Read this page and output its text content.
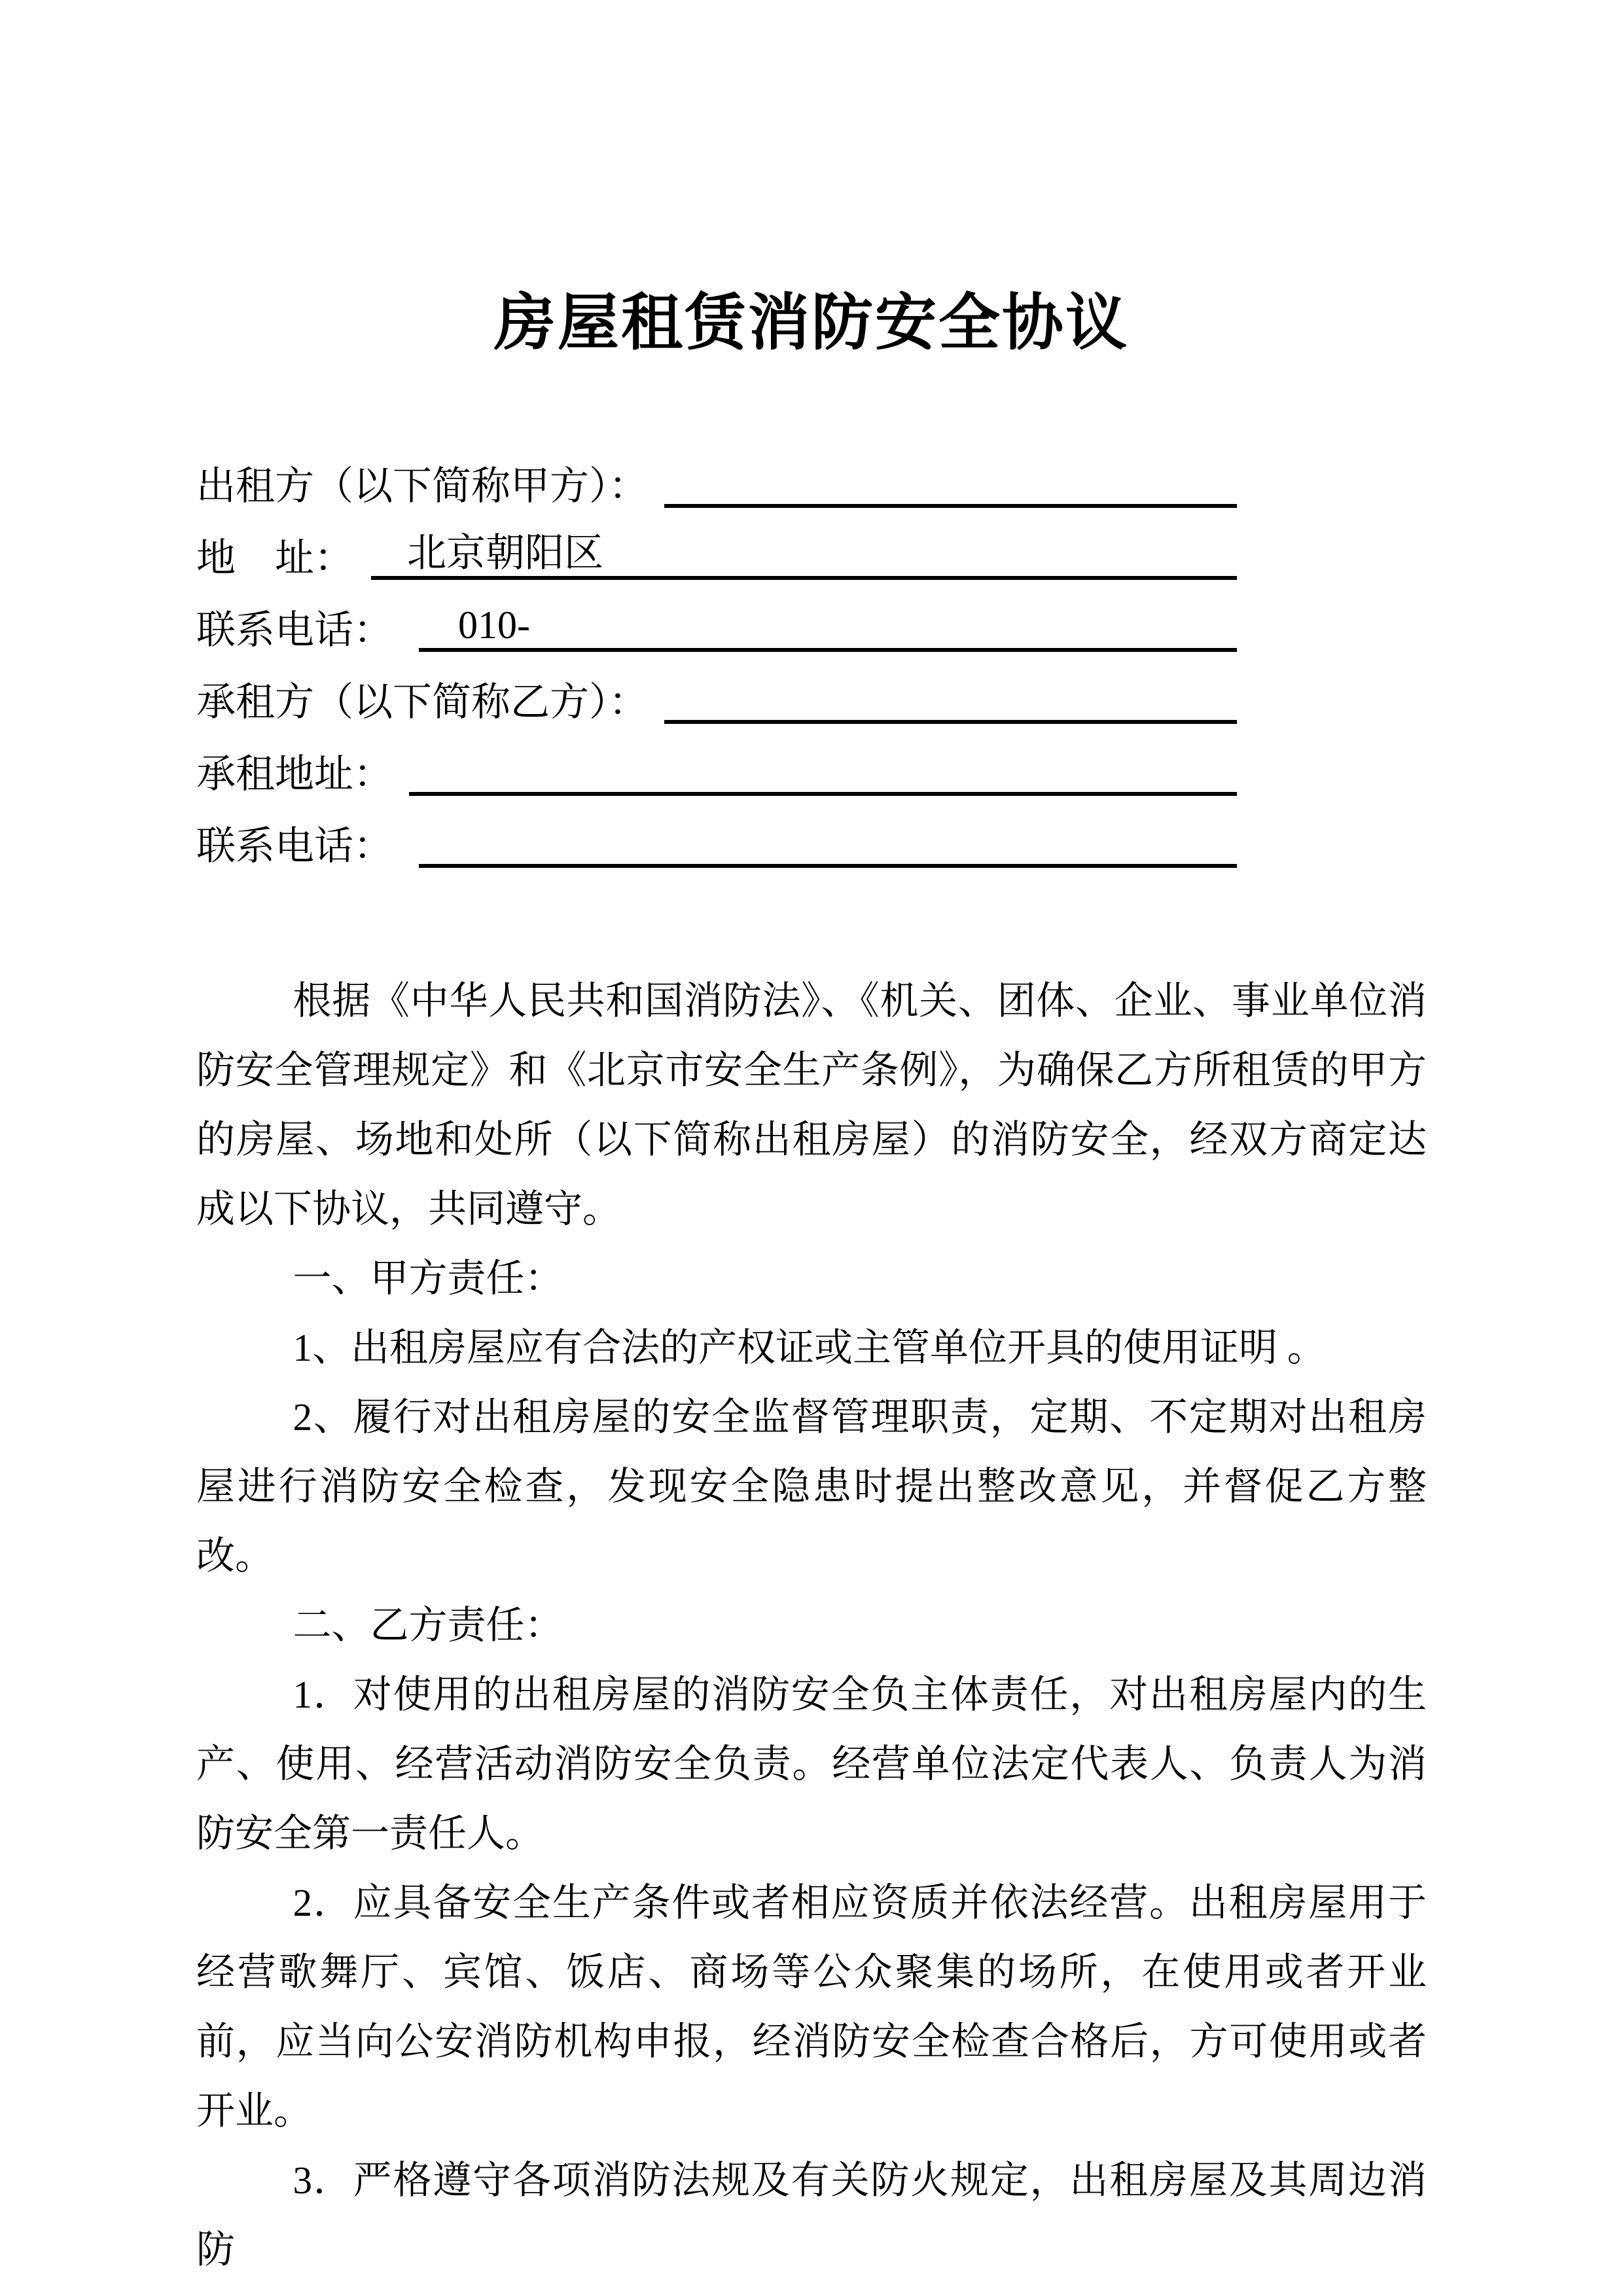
房屋租赁消防安全协议
出租方（以下简称甲方）：
地　址：	北京朝阳区
联系电话：	010-
承租方（以下简称乙方）：
承租地址：
联系电话：

根据《中华人民共和国消防法》、《机关、团体、企业、事业单位消防安全管理规定》和《北京市安全生产条例》，为确保乙方所租赁的甲方的房屋、场地和处所（以下简称出租房屋）的消防安全，经双方商定达成以下协议，共同遵守。

一、甲方责任：

1、出租房屋应有合法的产权证或主管单位开具的使用证明 。

2、履行对出租房屋的安全监督管理职责，定期、不定期对出租房屋进行消防安全检查，发现安全隐患时提出整改意见，并督促乙方整改。

二、乙方责任：

1．对使用的出租房屋的消防安全负主体责任，对出租房屋内的生产、使用、经营活动消防安全负责。经营单位法定代表人、负责人为消防安全第一责任人。

2．应具备安全生产条件或者相应资质并依法经营。出租房屋用于经营歌舞厅、宾馆、饭店、商场等公众聚集的场所，在使用或者开业前，应当向公安消防机构申报，经消防安全检查合格后，方可使用或者开业。

3．严格遵守各项消防法规及有关防火规定，出租房屋及其周边消防
